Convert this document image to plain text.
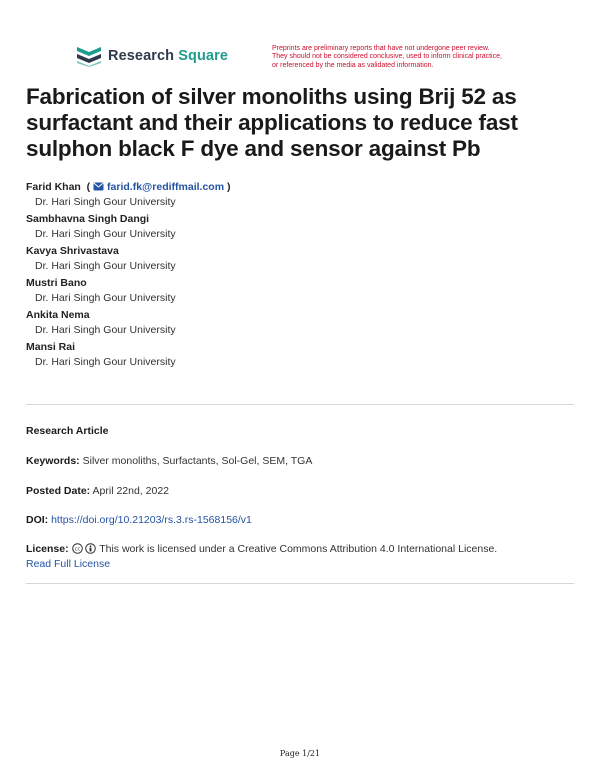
Research Square	Preprints are preliminary reports that have not undergone peer review.
They should not be considered conclusive, used to inform clinical practice,
or referenced by the media as validated information.
Fabrication of silver monoliths using Brij 52 as surfactant and their applications to reduce fast sulphon black F dye and sensor against Pb
Farid Khan  (  farid.fk@rediffmail.com )
Dr. Hari Singh Gour University
Sambhavna Singh Dangi
Dr. Hari Singh Gour University
Kavya Shrivastava
Dr. Hari Singh Gour University
Mustri Bano
Dr. Hari Singh Gour University
Ankita Nema
Dr. Hari Singh Gour University
Mansi Rai
Dr. Hari Singh Gour University
Research Article
Keywords: Silver monoliths, Surfactants, Sol-Gel, SEM, TGA
Posted Date: April 22nd, 2022
DOI: https://doi.org/10.21203/rs.3.rs-1568156/v1
License: cc This work is licensed under a Creative Commons Attribution 4.0 International License.
Read Full License
Page 1/21
